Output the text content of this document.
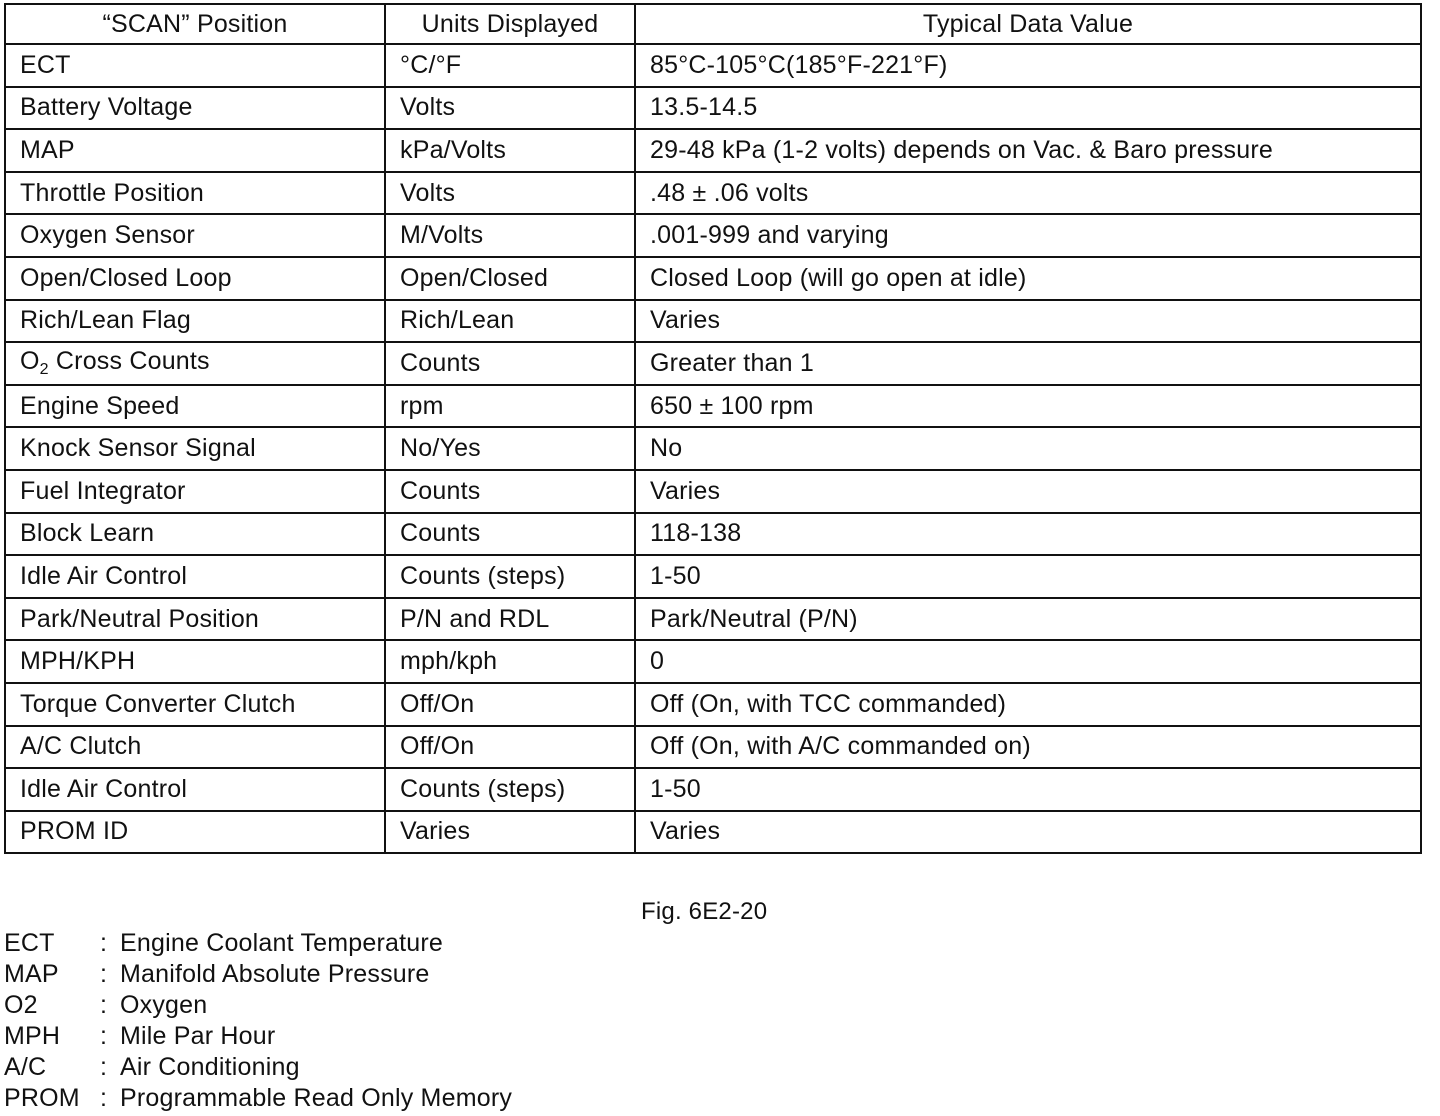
“SCAN” Position	Units Displayed	Typical Data Value
ECT	°C/°F	85°C-105°C(185°F-221°F)
Battery Voltage	Volts	13.5-14.5
MAP	kPa/Volts	29-48 kPa (1-2 volts) depends on Vac. & Baro pressure
Throttle Position	Volts	.48 ± .06 volts
Oxygen Sensor	M/Volts	.001-999 and varying
Open/Closed Loop	Open/Closed	Closed Loop (will go open at idle)
Rich/Lean Flag	Rich/Lean	Varies
$O_2$ Cross Counts	Counts	Greater than 1
Engine Speed	rpm	650 ± 100 rpm
Knock Sensor Signal	No/Yes	No
Fuel Integrator	Counts	Varies
Block Learn	Counts	118-138
Idle Air Control	Counts (steps)	1-50
Park/Neutral Position	P/N and RDL	Park/Neutral (P/N)
MPH/KPH	mph/kph	0
Torque Converter Clutch	Off/On	Off (On, with TCC commanded)
A/C Clutch	Off/On	Off (On, with A/C commanded on)
Idle Air Control	Counts (steps)	1-50
PROM ID	Varies	Varies
Fig. 6E2-20
ECT : Engine Coolant Temperature
MAP : Manifold Absolute Pressure
O2 : Oxygen
MPH : Mile Par Hour
A/C : Air Conditioning
PROM : Programmable Read Only Memory
